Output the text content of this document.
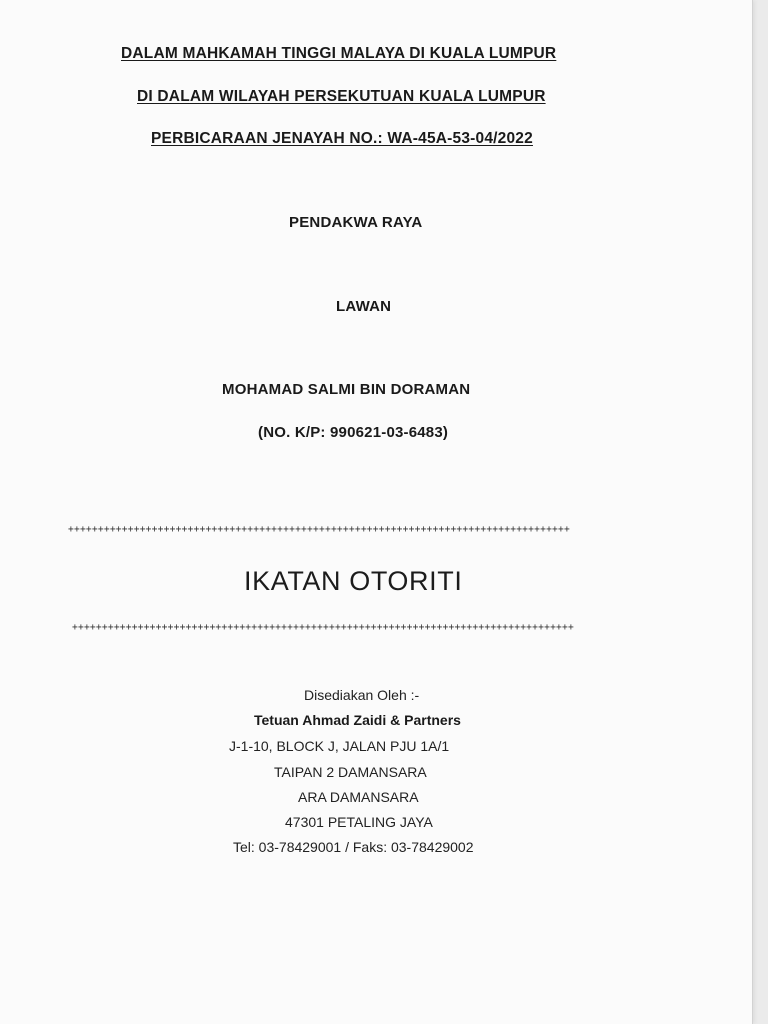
DALAM MAHKAMAH TINGGI MALAYA DI KUALA LUMPUR
DI DALAM WILAYAH PERSEKUTUAN KUALA LUMPUR
PERBICARAAN JENAYAH NO.: WA-45A-53-04/2022
PENDAKWA RAYA
LAWAN
MOHAMAD SALMI BIN DORAMAN
(NO. K/P: 990621-03-6483)
++++++++++++++++++++++++++++++++++++++++++++++++++++++++++++++++++++++++++++++++++++
IKATAN OTORITI
++++++++++++++++++++++++++++++++++++++++++++++++++++++++++++++++++++++++++++++++++++
Disediakan Oleh :-
Tetuan Ahmad Zaidi & Partners
J-1-10, BLOCK J, JALAN PJU 1A/1
TAIPAN 2 DAMANSARA
ARA DAMANSARA
47301 PETALING JAYA
Tel: 03-78429001 / Faks: 03-78429002
